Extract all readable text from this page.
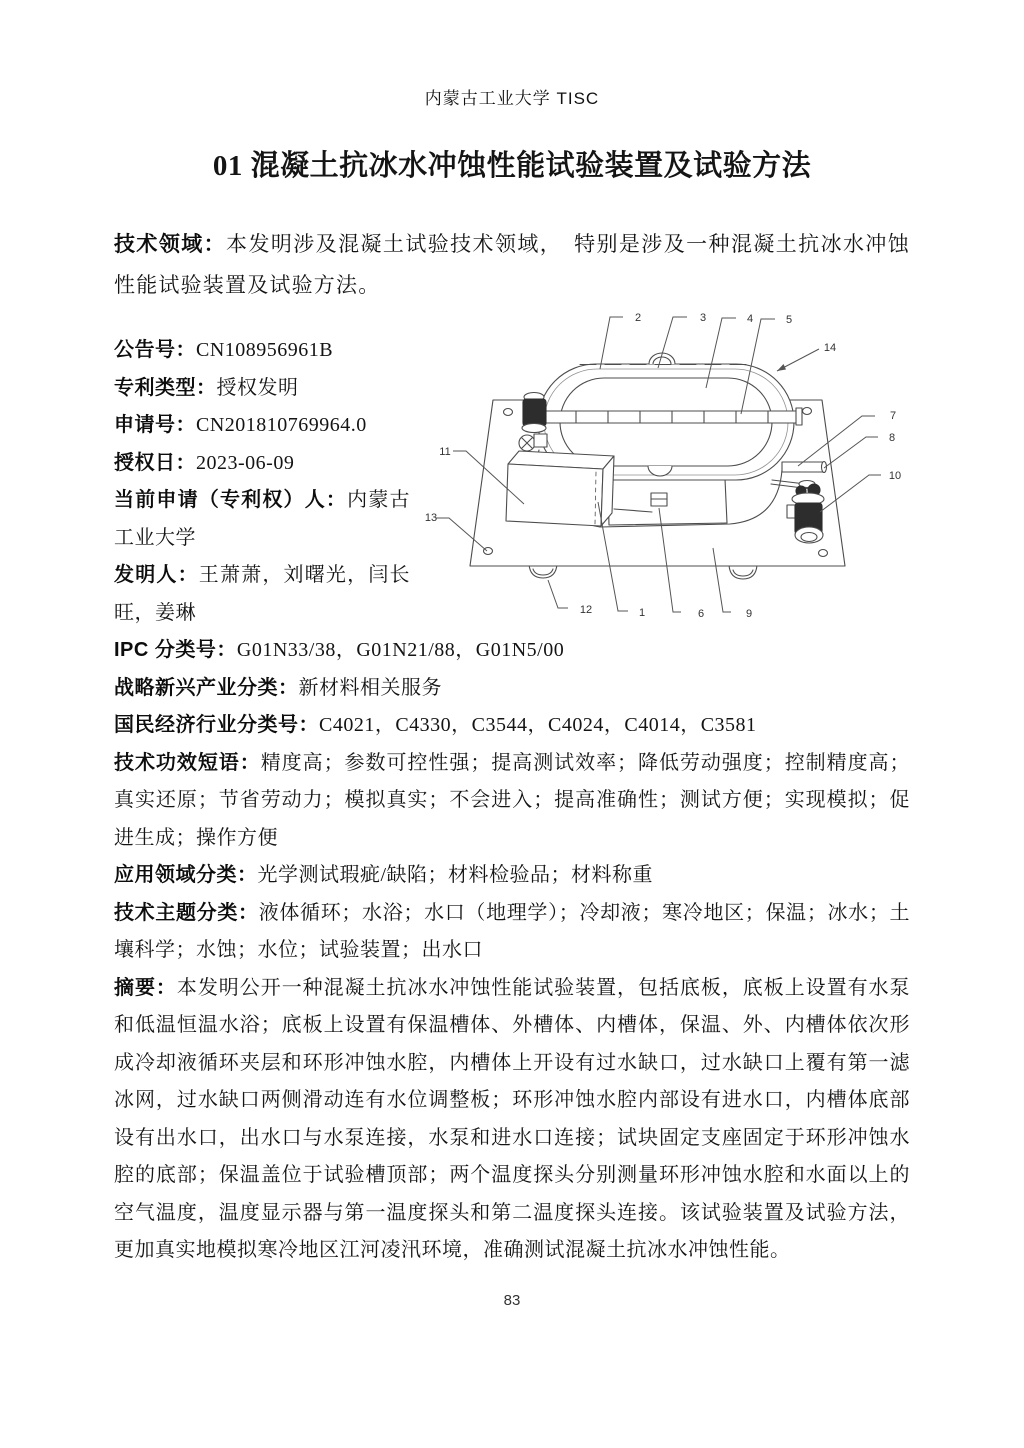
内蒙古工业大学 TISC
01 混凝土抗冰水冲蚀性能试验装置及试验方法

技术领域：本发明涉及混凝土试验技术领域，　特别是涉及一种混凝土抗冰水冲蚀性能试验装置及试验方法。

1
2	3	4	5
6
7
8
9
10
11
12
13
14

公告号：CN108956961B

专利类型：授权发明

申请号：CN201810769964.0

授权日：2023-06-09

当前申请（专利权）人：内蒙古工业大学

发明人：王萧萧，刘曙光，闫长旺，姜琳

IPC 分类号：G01N33/38，G01N21/88，G01N5/00

战略新兴产业分类：新材料相关服务

国民经济行业分类号：C4021，C4330，C3544，C4024，C4014，C3581

技术功效短语：精度高；参数可控性强；提高测试效率；降低劳动强度；控制精度高；真实还原；节省劳动力；模拟真实；不会进入；提高准确性；测试方便；实现模拟；促进生成；操作方便

应用领域分类：光学测试瑕疵/缺陷；材料检验品；材料称重

技术主题分类：液体循环；水浴；水口（地理学）；冷却液；寒冷地区；保温；冰水；土壤科学；水蚀；水位；试验装置；出水口

摘要：本发明公开一种混凝土抗冰水冲蚀性能试验装置，包括底板，底板上设置有水泵和低温恒温水浴；底板上设置有保温槽体、外槽体、内槽体，保温、外、内槽体依次形成冷却液循环夹层和环形冲蚀水腔，内槽体上开设有过水缺口，过水缺口上覆有第一滤冰网，过水缺口两侧滑动连有水位调整板；环形冲蚀水腔内部设有进水口，内槽体底部设有出水口，出水口与水泵连接，水泵和进水口连接；试块固定支座固定于环形冲蚀水腔的底部；保温盖位于试验槽顶部；两个温度探头分别测量环形冲蚀水腔和水面以上的空气温度，温度显示器与第一温度探头和第二温度探头连接。该试验装置及试验方法，更加真实地模拟寒冷地区江河凌汛环境，准确测试混凝土抗冰水冲蚀性能。

83
